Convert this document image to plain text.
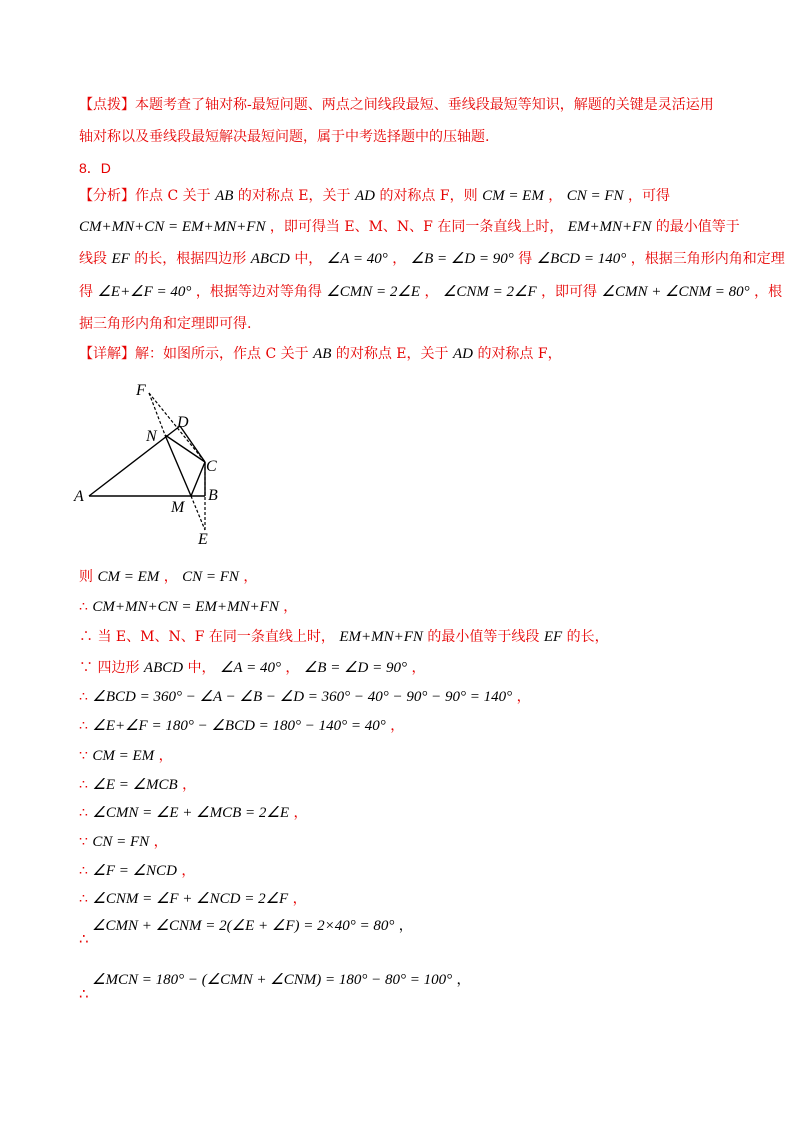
【点拨】本题考查了轴对称-最短问题、两点之间线段最短、垂线段最短等知识，解题的关键是灵活运用
轴对称以及垂线段最短解决最短问题，属于中考选择题中的压轴题.
8．D
【分析】作点 C 关于 AB 的对称点 E，关于 AD 的对称点 F，则 CM = EM ， CN = FN ，可得
CM+MN+CN = EM+MN+FN ，即可得当 E、M、N、F 在同一条直线上时， EM+MN+FN 的最小值等于
线段 EF 的长，根据四边形 ABCD 中， ∠A = 40° ， ∠B = ∠D = 90° 得 ∠BCD = 140° ，根据三角形内角和定理
得 ∠E+∠F = 40° ，根据等边对等角得 ∠CMN = 2∠E ， ∠CNM = 2∠F ，即可得 ∠CMN + ∠CNM = 80° ，根
据三角形内角和定理即可得.
【详解】解：如图所示，作点 C 关于 AB 的对称点 E，关于 AD 的对称点 F，
F
D
N
C
A
M
B
E
则 CM = EM ， CN = FN ，
∴ CM+MN+CN = EM+MN+FN ，
∴ 当 E、M、N、F 在同一条直线上时， EM+MN+FN 的最小值等于线段 EF 的长，
∵ 四边形 ABCD 中， ∠A = 40° ， ∠B = ∠D = 90° ，
∴ ∠BCD = 360° − ∠A − ∠B − ∠D = 360° − 40° − 90° − 90° = 140° ，
∴ ∠E+∠F = 180° − ∠BCD = 180° − 140° = 40° ，
∵ CM = EM ，
∴ ∠E = ∠MCB ，
∴ ∠CMN = ∠E + ∠MCB = 2∠E ，
∵ CN = FN ，
∴ ∠F = ∠NCD ，
∴ ∠CNM = ∠F + ∠NCD = 2∠F ，
∠CMN + ∠CNM = 2(∠E + ∠F) = 2×40° = 80° ，
∴
∠MCN = 180° − (∠CMN + ∠CNM) = 180° − 80° = 100° ，
∴
